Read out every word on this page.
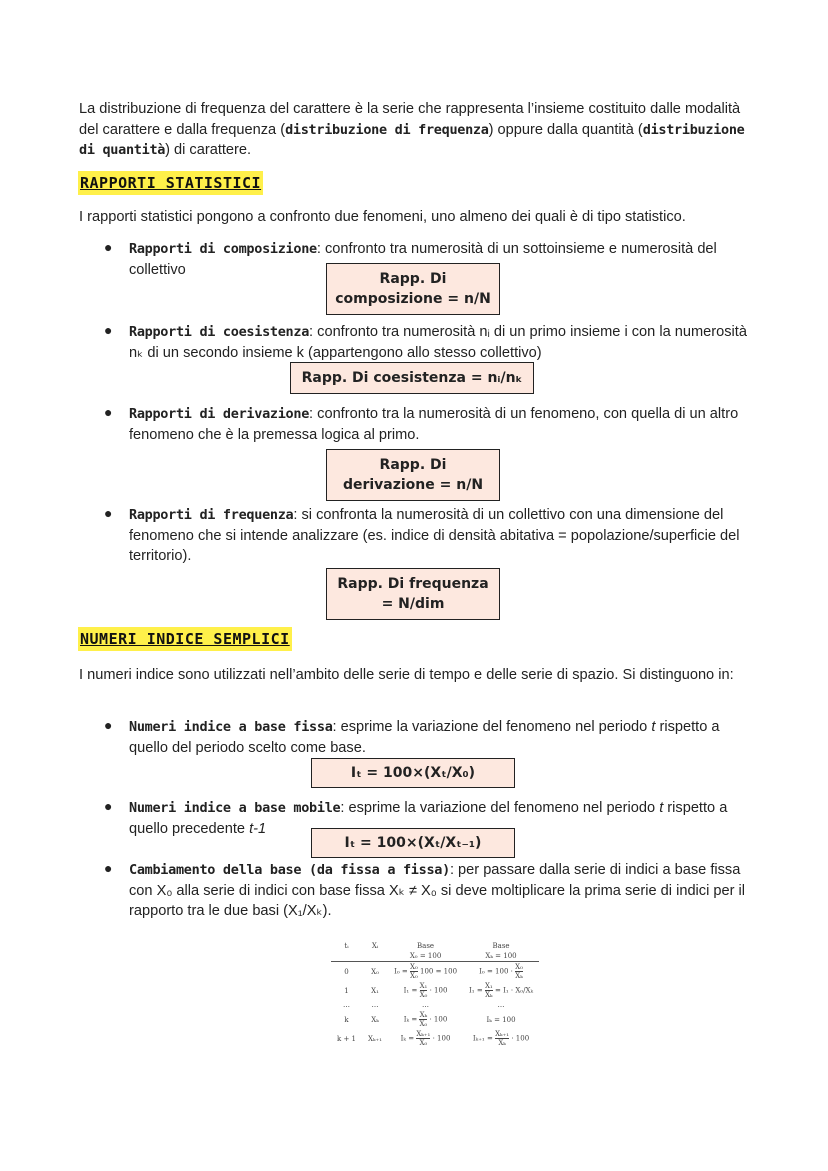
La distribuzione di frequenza del carattere è la serie che rappresenta l’insieme costituito dalle modalità del carattere e dalla frequenza (distribuzione di frequenza) oppure dalla quantità (distribuzione di quantità) di carattere.
RAPPORTI STATISTICI
I rapporti statistici pongono a confronto due fenomeni, uno almeno dei quali è di tipo statistico.
● Rapporti di composizione: confronto tra numerosità di un sottoinsieme e numerosità del collettivo
Rapp. Di
composizione = n/N
● Rapporti di coesistenza: confronto tra numerosità nᵢ di un primo insieme i con la numerosità nₖ di un secondo insieme k (appartengono allo stesso collettivo)
Rapp. Di coesistenza = nᵢ/nₖ
● Rapporti di derivazione: confronto tra la numerosità di un fenomeno, con quella di un altro fenomeno che è la premessa logica al primo.
Rapp. Di
derivazione = n/N
● Rapporti di frequenza: si confronta la numerosità di un collettivo con una dimensione del fenomeno che si intende analizzare (es. indice di densità abitativa = popolazione/superficie del territorio).
Rapp. Di frequenza
= N/dim
NUMERI INDICE SEMPLICI
I numeri indice sono utilizzati nell’ambito delle serie di tempo e delle serie di spazio. Si distinguono in:
● Numeri indice a base fissa: esprime la variazione del fenomeno nel periodo t rispetto a quello del periodo scelto come base.
Iₜ = 100×(Xₜ/X₀)
● Numeri indice a base mobile: esprime la variazione del fenomeno nel periodo t rispetto a quello precedente t-1
Iₜ = 100×(Xₜ/Xₜ₋₁)
● Cambiamento della base (da fissa a fissa): per passare dalla serie di indici a base fissa con X₀ alla serie di indici con base fissa Xₖ ≠ X₀ si deve moltiplicare la prima serie di indici per il rapporto tra le due basi (X₁/Xₖ).
tᵢ	Xᵢ	Base	Base
		X₀ = 100	Xₖ = 100
0	X₀	$I_0 = \frac{\text{X₀}}{\text{X₀}} 100 = 100$	$I_0 = 100 \cdot \frac{\text{X₀}}{\text{Xₖ}}$

1	X₁	$I_1 = \frac{\text{X₁}}{\text{X₀}} \cdot 100$	$I_1 = \frac{\text{X₁}}{\text{Xₖ}} = I_1 \cdot X_0/X_k$
…	…	…	…
k	Xₖ	$I_k = \frac{\text{Xₖ}}{\text{X₀}} \cdot 100$	Iₖ = 100
k + 1	Xₖ₊₁	$I_k = \frac{\text{Xₖ₊₁}}{\text{X₀}} \cdot 100$	$I_{k+1} = \frac{\text{Xₖ₊₁}}{\text{Xₖ}} \cdot 100$
